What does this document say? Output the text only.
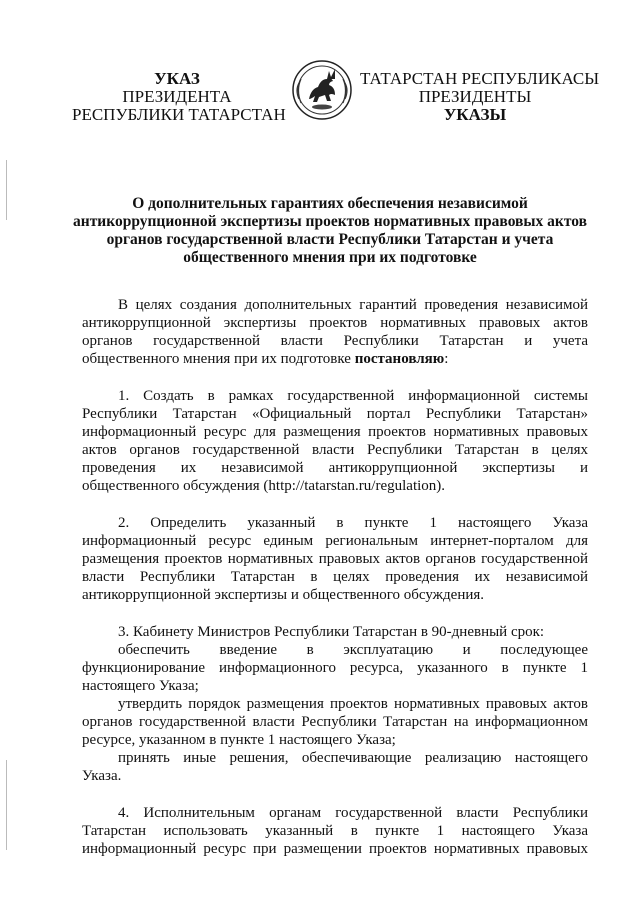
УКАЗ
ПРЕЗИДЕНТА
РЕСПУБЛИКИ ТАТАРСТАН
ТАТАРСТАН РЕСПУБЛИКАСЫ
ПРЕЗИДЕНТЫ
УКАЗЫ
О дополнительных гарантиях обеспечения независимой
антикоррупционной экспертизы проектов нормативных правовых актов
органов государственной власти Республики Татарстан и учета
общественного мнения при их подготовке
В целях создания дополнительных гарантий проведения независимой
антикоррупционной экспертизы проектов нормативных правовых актов
органов государственной власти Республики Татарстан и учета
общественного мнения при их подготовке постановляю:
1. Создать в рамках государственной информационной системы
Республики Татарстан «Официальный портал Республики Татарстан»
информационный ресурс для размещения проектов нормативных правовых
актов органов государственной власти Республики Татарстан в целях
проведения их независимой антикоррупционной экспертизы и
общественного обсуждения (http://tatarstan.ru/regulation).
2. Определить указанный в пункте 1 настоящего Указа
информационный ресурс единым региональным интернет-порталом для
размещения проектов нормативных правовых актов органов государственной
власти Республики Татарстан в целях проведения их независимой
антикоррупционной экспертизы и общественного обсуждения.
3. Кабинету Министров Республики Татарстан в 90-дневный срок:
обеспечить введение в эксплуатацию и последующее
функционирование информационного ресурса, указанного в пункте 1
настоящего Указа;
утвердить порядок размещения проектов нормативных правовых актов
органов государственной власти Республики Татарстан на информационном
ресурсе, указанном в пункте 1 настоящего Указа;
принять иные решения, обеспечивающие реализацию настоящего
Указа.
4. Исполнительным органам государственной власти Республики
Татарстан использовать указанный в пункте 1 настоящего Указа
информационный ресурс при размещении проектов нормативных правовых
